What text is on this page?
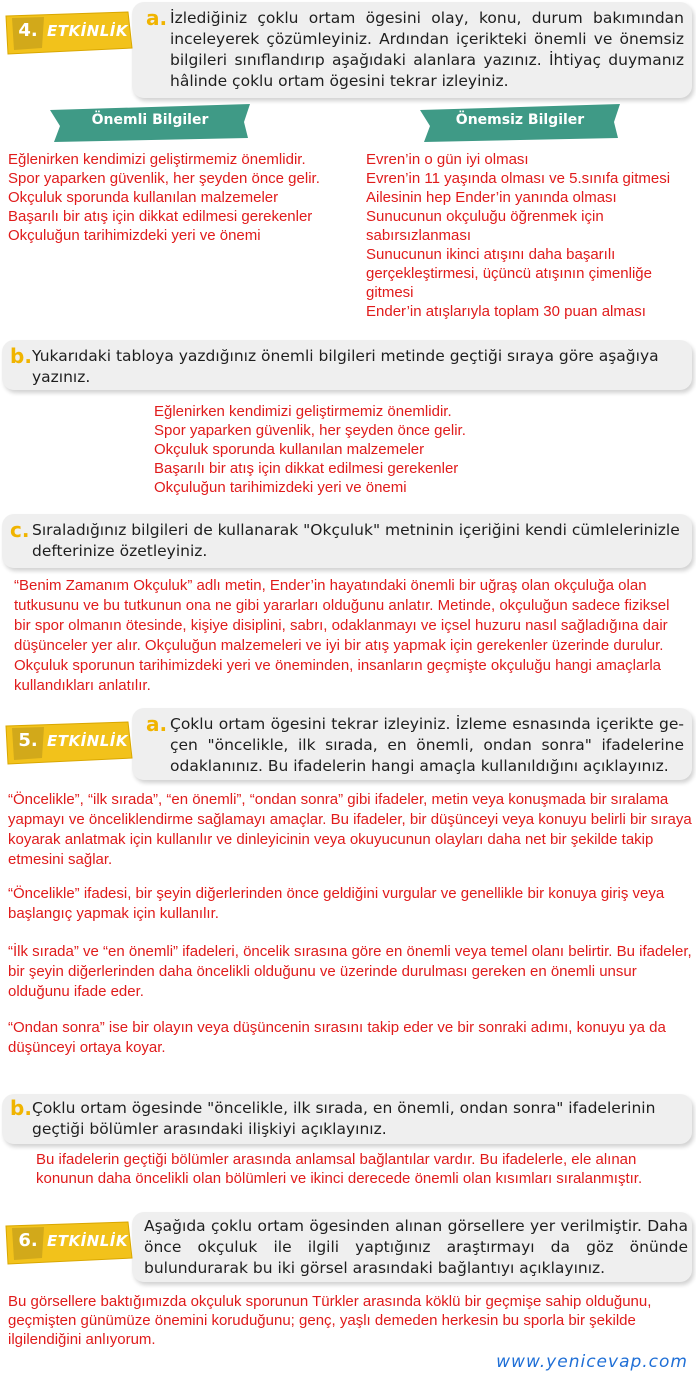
4. ETKİNLİK
a. İzlediğiniz çoklu ortam ögesini olay, konu, durum bakımından inceleyerek çözümleyiniz. Ardından içerikteki önemli ve önemsiz bilgileri sınıflandırıp aşağıdaki alanlara yazınız. İhtiyaç duymanız hâlinde çoklu ortam ögesini tekrar izleyiniz.
Önemli Bilgiler	Önemsiz Bilgiler

Eğlenirken kendimizi geliştirmemiz önemlidir.

Spor yaparken güvenlik, her şeyden önce gelir.

Okçuluk sporunda kullanılan malzemeler

Başarılı bir atış için dikkat edilmesi gerekenler

Okçuluğun tarihimizdeki yeri ve önemi

Evren’in o gün iyi olması

Evren’in 11 yaşında olması ve 5.sınıfa gitmesi

Ailesinin hep Ender’in yanında olması

Sunucunun okçuluğu öğrenmek için sabırsızlanması

Sunucunun ikinci atışını daha başarılı gerçekleştirmesi, üçüncü atışının çimenliğe gitmesi

Ender’in atışlarıyla toplam 30 puan alması

b. Yukarıdaki tabloya yazdığınız önemli bilgileri metinde geçtiği sıraya göre aşağıya yazınız.

Eğlenirken kendimizi geliştirmemiz önemlidir.

Spor yaparken güvenlik, her şeyden önce gelir.

Okçuluk sporunda kullanılan malzemeler

Başarılı bir atış için dikkat edilmesi gerekenler

Okçuluğun tarihimizdeki yeri ve önemi

c. Sıraladığınız bilgileri de kullanarak "Okçuluk" metninin içeriğini kendi cümlelerinizle defterinize özetleyiniz.
“Benim Zamanım Okçuluk” adlı metin, Ender’in hayatındaki önemli bir uğraş olan okçuluğa olan tutkusunu ve bu tutkunun ona ne gibi yararları olduğunu anlatır. Metinde, okçuluğun sadece fiziksel bir spor olmanın ötesinde, kişiye disiplini, sabrı, odaklanmayı ve içsel huzuru nasıl sağladığına dair düşünceler yer alır. Okçuluğun malzemeleri ve iyi bir atış yapmak için gerekenler üzerinde durulur. Okçuluk sporunun tarihimizdeki yeri ve öneminden, insanların geçmişte okçuluğu hangi amaçlarla kullandıkları anlatılır.
5. ETKİNLİK
a. Çoklu ortam ögesini tekrar izleyiniz. İzleme esnasında içerikte geçen "öncelikle, ilk sırada, en önemli, ondan sonra" ifadelerine odaklanınız. Bu ifadelerin hangi amaçla kullanıldığını açıklayınız.
“Öncelikle”, “ilk sırada”, “en önemli”, “ondan sonra” gibi ifadeler, metin veya konuşmada bir sıralama yapmayı ve önceliklendirme sağlamayı amaçlar. Bu ifadeler, bir düşünceyi veya konuyu belirli bir sıraya koyarak anlatmak için kullanılır ve dinleyicinin veya okuyucunun olayları daha net bir şekilde takip etmesini sağlar.
“Öncelikle” ifadesi, bir şeyin diğerlerinden önce geldiğini vurgular ve genellikle bir konuya giriş veya başlangıç yapmak için kullanılır.
“İlk sırada” ve “en önemli” ifadeleri, öncelik sırasına göre en önemli veya temel olanı belirtir. Bu ifadeler, bir şeyin diğerlerinden daha öncelikli olduğunu ve üzerinde durulması gereken en önemli unsur olduğunu ifade eder.
“Ondan sonra” ise bir olayın veya düşüncenin sırasını takip eder ve bir sonraki adımı, konuyu ya da düşünceyi ortaya koyar.
b. Çoklu ortam ögesinde "öncelikle, ilk sırada, en önemli, ondan sonra" ifadelerinin geçtiği bölümler arasındaki ilişkiyi açıklayınız.
Bu ifadelerin geçtiği bölümler arasında anlamsal bağlantılar vardır. Bu ifadelerle, ele alınan konunun daha öncelikli olan bölümleri ve ikinci derecede önemli olan kısımları sıralanmıştır.
6. ETKİNLİK
Aşağıda çoklu ortam ögesinden alınan görsellere yer verilmiştir. Daha önce okçuluk ile ilgili yaptığınız araştırmayı da göz önünde bulundurarak bu iki görsel arasındaki bağlantıyı açıklayınız.
Bu görsellere baktığımızda okçuluk sporunun Türkler arasında köklü bir geçmişe sahip olduğunu, geçmişten günümüze önemini koruduğunu; genç, yaşlı demeden herkesin bu sporla bir şekilde ilgilendiğini anlıyorum.
www.yenicevap.com
